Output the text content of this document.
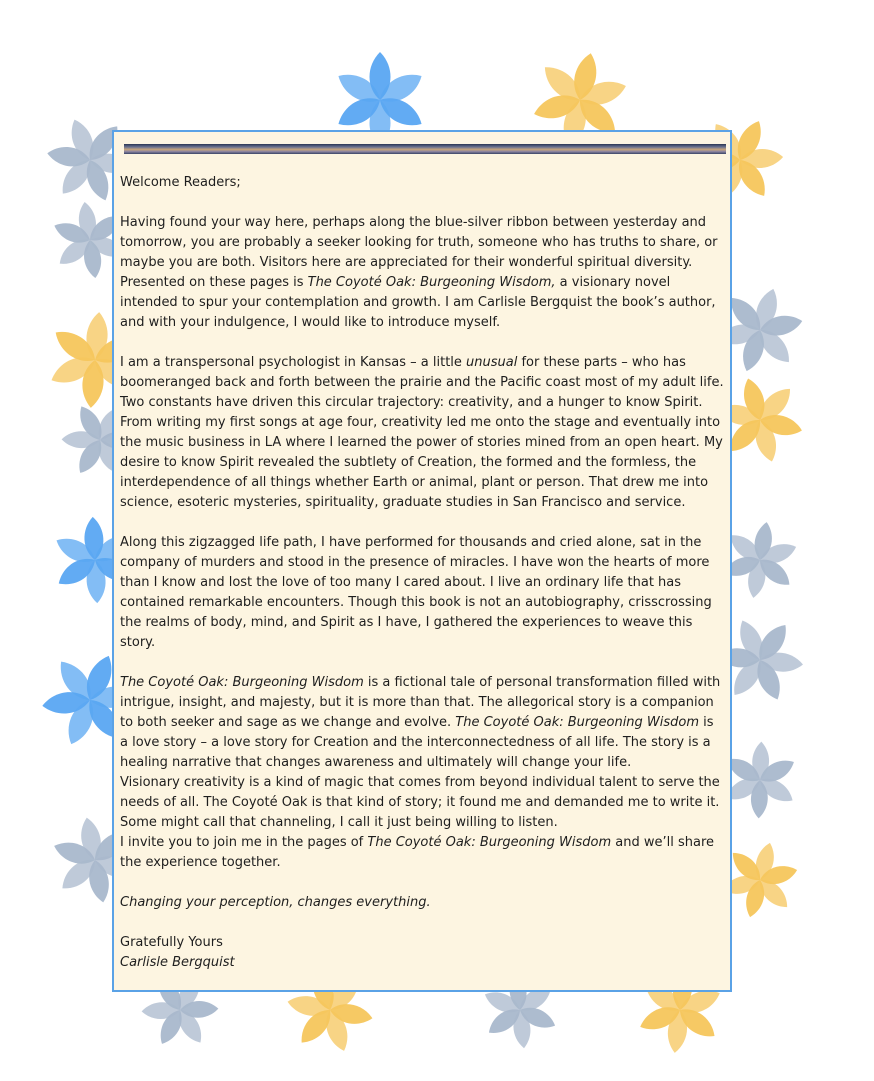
Welcome Readers;

Having found your way here, perhaps along the blue-silver ribbon between yesterday and tomorrow, you are probably a seeker looking for truth, someone who has truths to share, or maybe you are both. Visitors here are appreciated for their wonderful spiritual diversity. Presented on these pages is The Coyoté Oak: Burgeoning Wisdom, a visionary novel intended to spur your contemplation and growth. I am Carlisle Bergquist the book’s author, and with your indulgence, I would like to introduce myself.

I am a transpersonal psychologist in Kansas – a little unusual for these parts – who has boomeranged back and forth between the prairie and the Pacific coast most of my adult life. Two constants have driven this circular trajectory: creativity, and a hunger to know Spirit. From writing my first songs at age four, creativity led me onto the stage and eventually into the music business in LA where I learned the power of stories mined from an open heart. My desire to know Spirit revealed the subtlety of Creation, the formed and the formless, the interdependence of all things whether Earth or animal, plant or person. That drew me into science, esoteric mysteries, spirituality, graduate studies in San Francisco and service.

Along this zigzagged life path, I have performed for thousands and cried alone, sat in the company of murders and stood in the presence of miracles. I have won the hearts of more than I know and lost the love of too many I cared about. I live an ordinary life that has contained remarkable encounters. Though this book is not an autobiography, crisscrossing the realms of body, mind, and Spirit as I have, I gathered the experiences to weave this story.

The Coyoté Oak: Burgeoning Wisdom is a fictional tale of personal transformation filled with intrigue, insight, and majesty, but it is more than that. The allegorical story is a companion to both seeker and sage as we change and evolve. The Coyoté Oak: Burgeoning Wisdom is a love story – a love story for Creation and the interconnectedness of all life. The story is a healing narrative that changes awareness and ultimately will change your life.

Visionary creativity is a kind of magic that comes from beyond individual talent to serve the needs of all. The Coyoté Oak is that kind of story; it found me and demanded me to write it. Some might call that channeling, I call it just being willing to listen.

I invite you to join me in the pages of The Coyoté Oak: Burgeoning Wisdom and we’ll share the experience together.

Changing your perception, changes everything.

Gratefully Yours

Carlisle Bergquist
